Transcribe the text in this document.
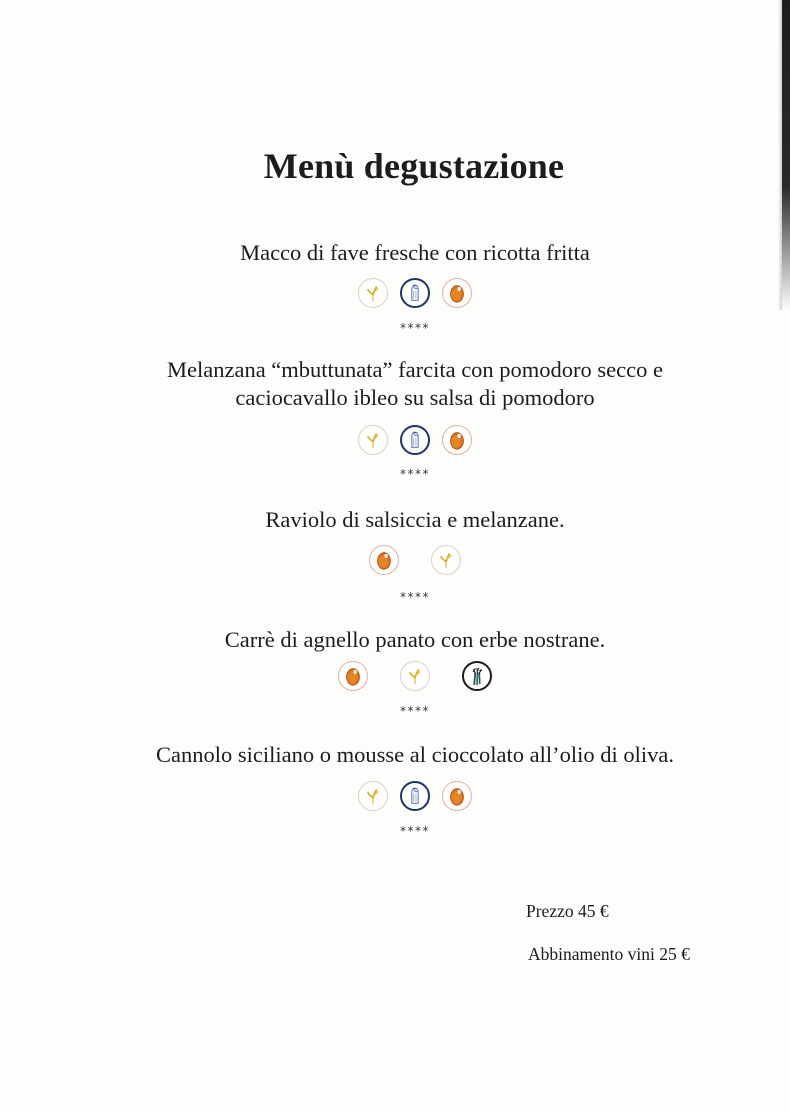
Menù degustazione
Macco di fave fresche con ricotta fritta
****
Melanzana “mbuttunata” farcita con pomodoro secco e
caciocavallo ibleo su salsa di pomodoro
****
Raviolo di salsiccia e melanzane.
****
Carrè di agnello panato con erbe nostrane.
****
Cannolo siciliano o mousse al cioccolato all’olio di oliva.
****
Prezzo 45 €
Abbinamento vini 25 €
